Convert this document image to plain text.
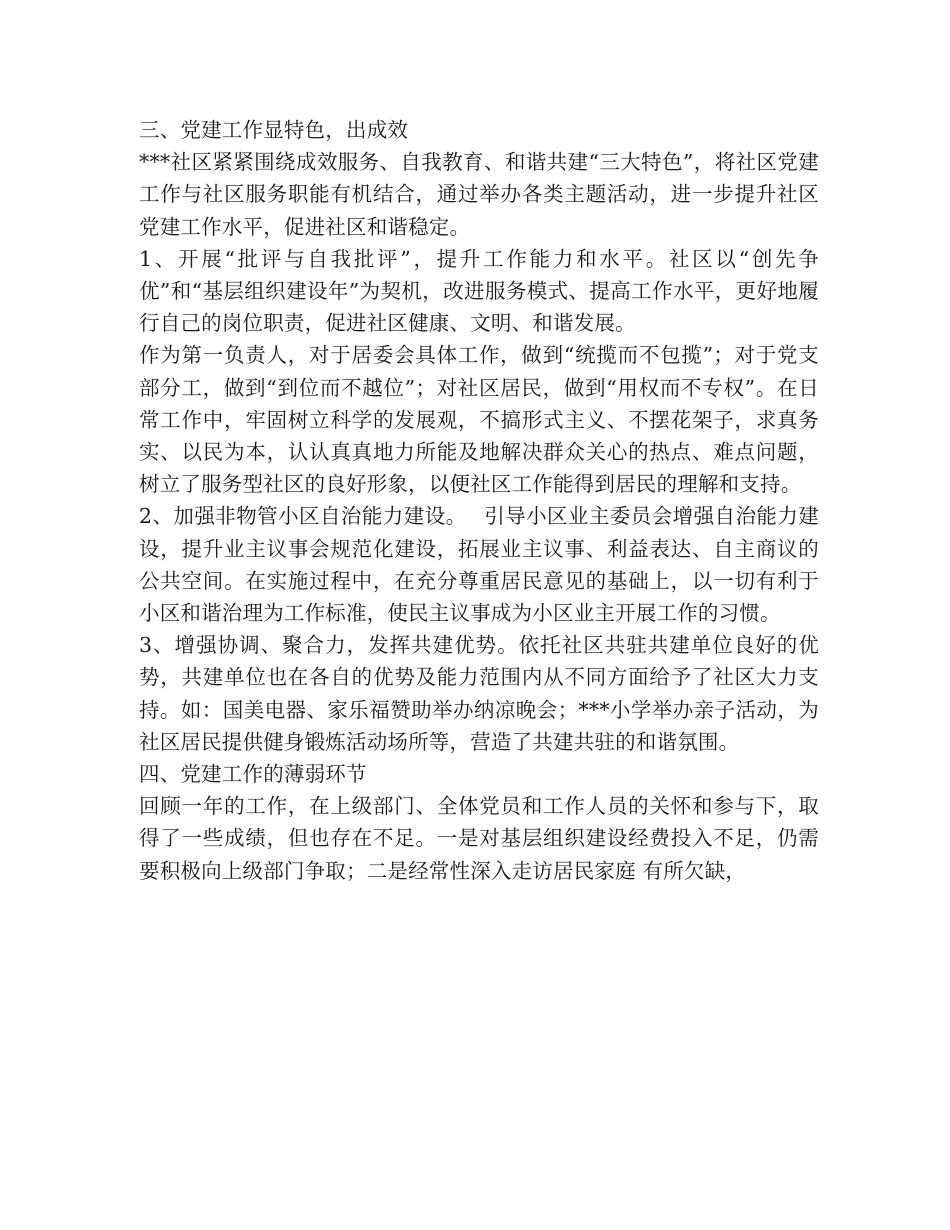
三、党建工作显特色，出成效

***社区紧紧围绕成效服务、自我教育、和谐共建“三大特色”，将社区党建工作与社区服务职能有机结合，通过举办各类主题活动，进一步提升社区党建工作水平，促进社区和谐稳定。

1、开展“批评与自我批评”，提升工作能力和水平。社区以“创先争优”和“基层组织建设年”为契机，改进服务模式、提高工作水平，更好地履行自己的岗位职责，促进社区健康、文明、和谐发展。

作为第一负责人，对于居委会具体工作，做到“统揽而不包揽”；对于党支部分工，做到“到位而不越位”；对社区居民，做到“用权而不专权”。在日常工作中，牢固树立科学的发展观，不搞形式主义、不摆花架子，求真务实、以民为本，认认真真地力所能及地解决群众关心的热点、难点问题，树立了服务型社区的良好形象，以便社区工作能得到居民的理解和支持。

2、加强非物管小区自治能力建设。　 引导小区业主委员会增强自治能力建设，提升业主议事会规范化建设，拓展业主议事、利益表达、自主商议的公共空间。在实施过程中，在充分尊重居民意见的基础上，以一切有利于小区和谐治理为工作标准，使民主议事成为小区业主开展工作的习惯。

3、增强协调、聚合力，发挥共建优势。依托社区共驻共建单位良好的优势，共建单位也在各自的优势及能力范围内从不同方面给予了社区大力支持。如：国美电器、家乐福赞助举办纳凉晚会；***小学举办亲子活动，为社区居民提供健身锻炼活动场所等，营造了共建共驻的和谐氛围。

四、党建工作的薄弱环节

回顾一年的工作，在上级部门、全体党员和工作人员的关怀和参与下，取得了一些成绩，但也存在不足。一是对基层组织建设经费投入不足，仍需要积极向上级部门争取；二是经常性深入走访居民家庭 有所欠缺，
